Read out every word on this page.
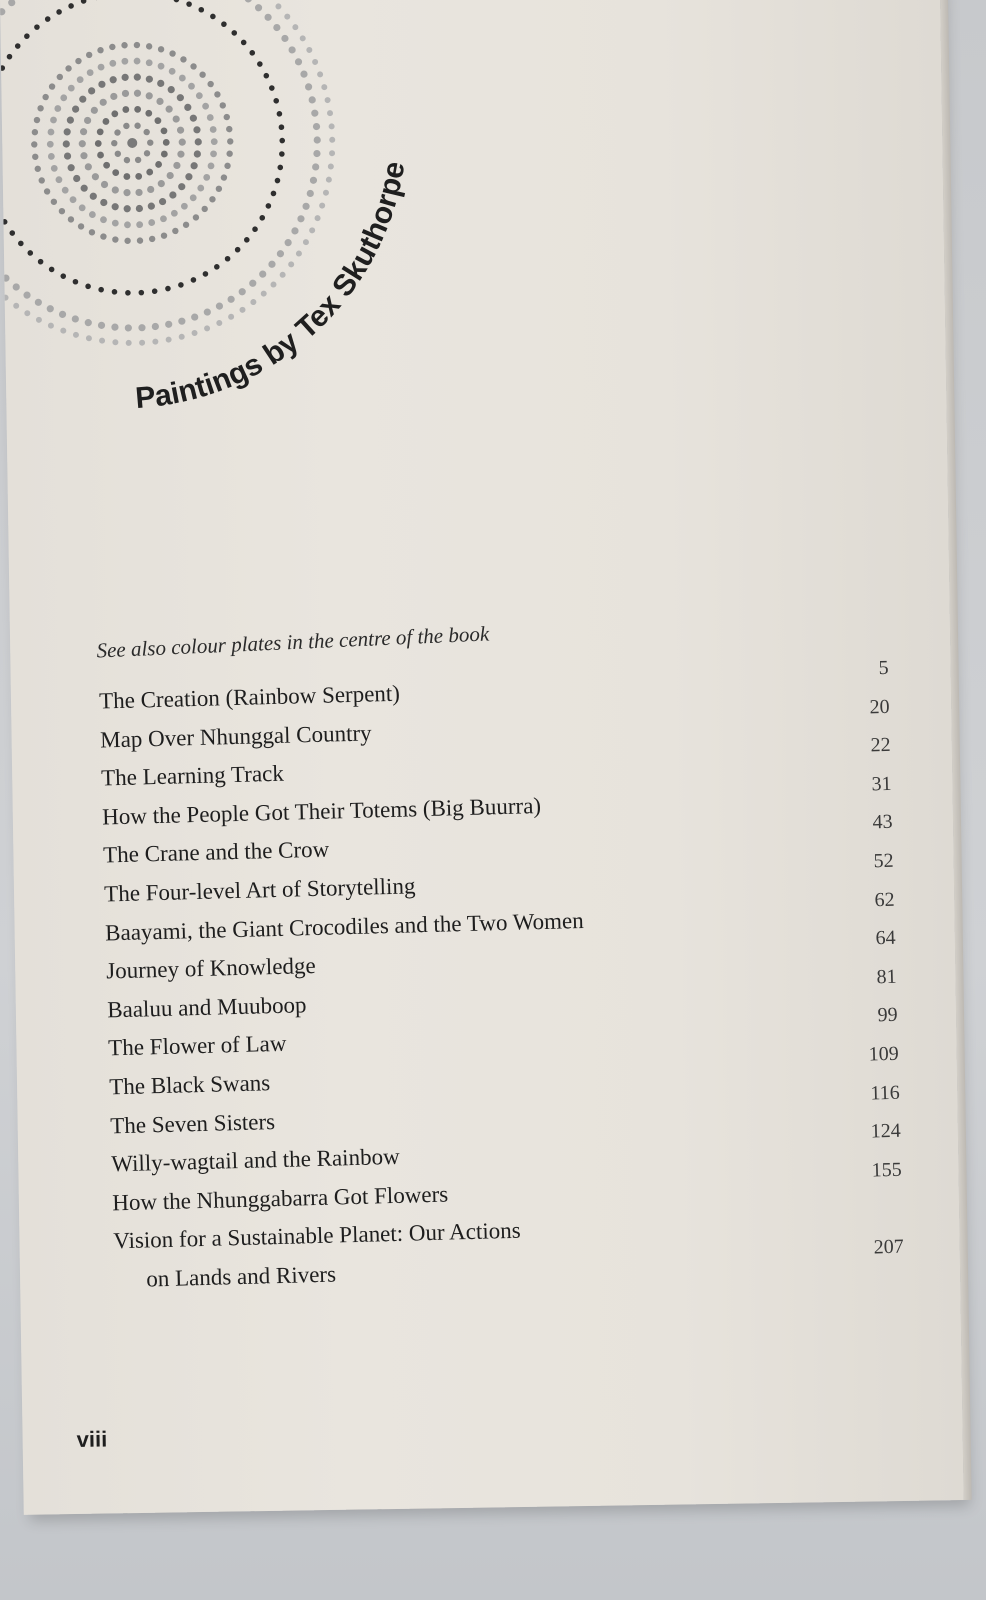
Paintings by Tex Skuthorpe

See also colour plates in the centre of the book

The Creation (Rainbow Serpent)
5
Map Over Nhunggal Country
20
The Learning Track
22
How the People Got Their Totems (Big Buurra)
31
The Crane and the Crow
43
The Four-level Art of Storytelling
52
Baayami, the Giant Crocodiles and the Two Women
62
Journey of Knowledge
64
Baaluu and Muuboop
81
The Flower of Law
99
The Black Swans
109
The Seven Sisters
116
Willy-wagtail and the Rainbow
124
How the Nhunggabarra Got Flowers
155
Vision for a Sustainable Planet: Our Actions
on Lands and Rivers
207

viii
